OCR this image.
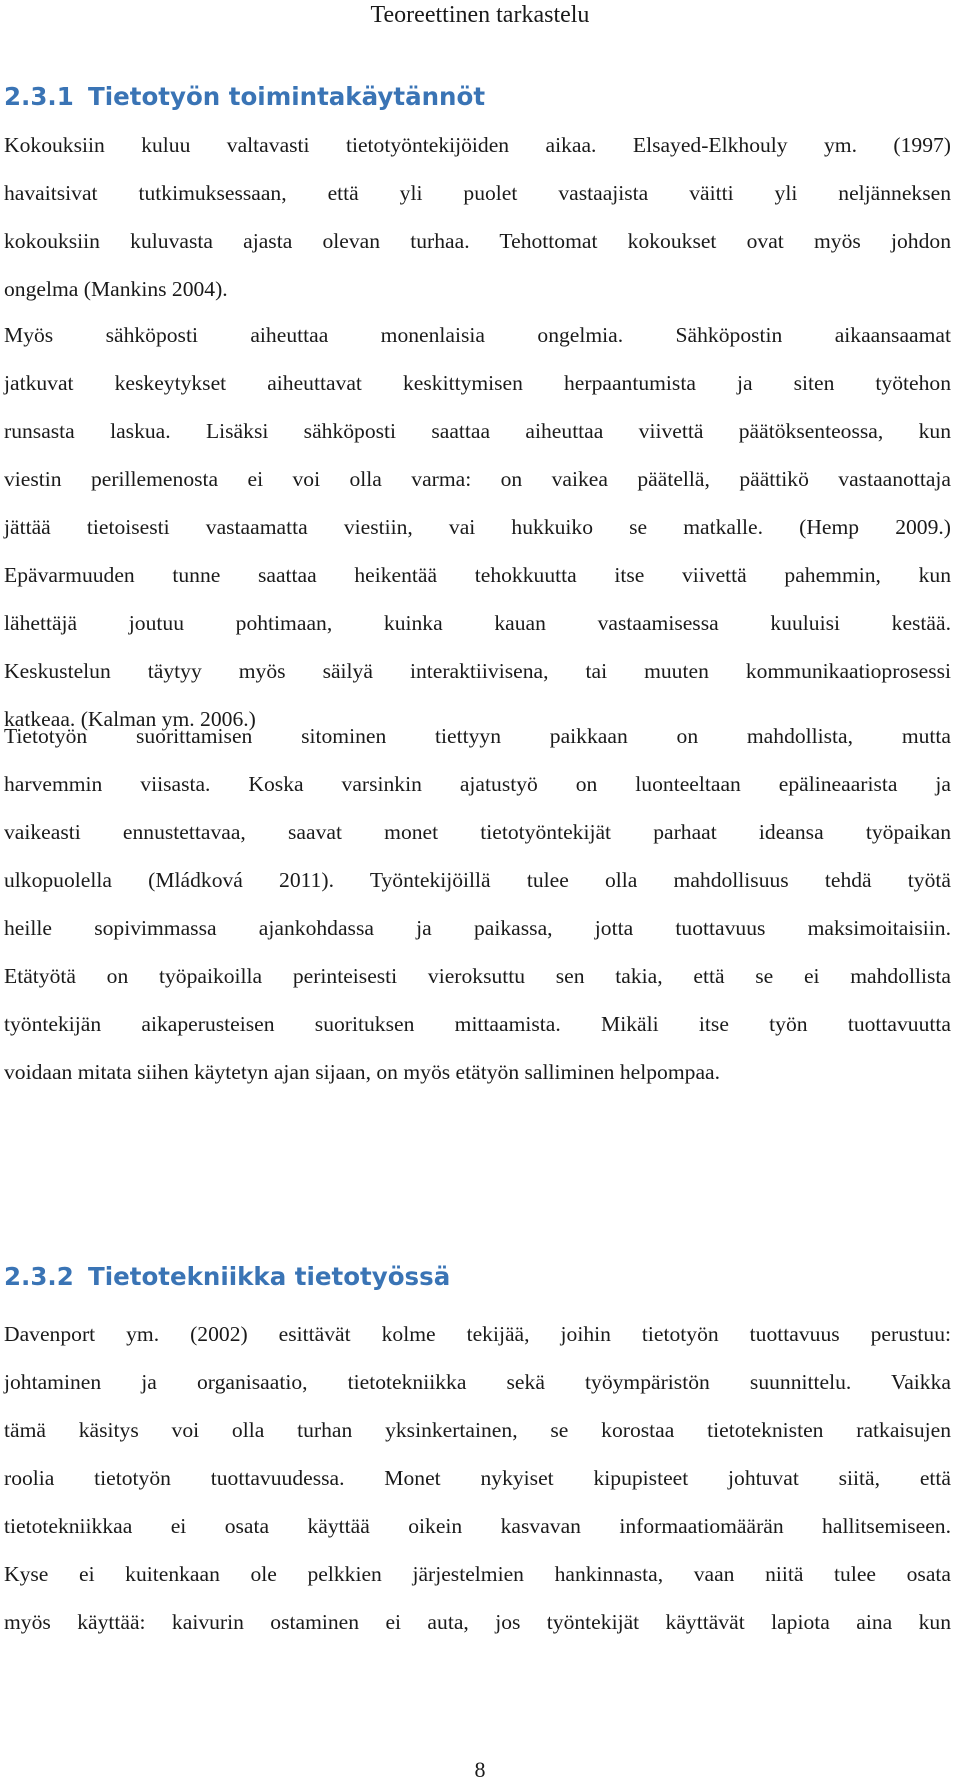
Teoreettinen tarkastelu
2.3.1 Tietotyön toimintakäytännöt
Kokouksiin kuluu valtavasti tietotyöntekijöiden aikaa. Elsayed-Elkhouly ym. (1997)
havaitsivat tutkimuksessaan, että yli puolet vastaajista väitti yli neljänneksen
kokouksiin kuluvasta ajasta olevan turhaa. Tehottomat kokoukset ovat myös johdon
ongelma (Mankins 2004).
Myös sähköposti aiheuttaa monenlaisia ongelmia. Sähköpostin aikaansaamat
jatkuvat keskeytykset aiheuttavat keskittymisen herpaantumista ja siten työtehon
runsasta laskua. Lisäksi sähköposti saattaa aiheuttaa viivettä päätöksenteossa, kun
viestin perillemenosta ei voi olla varma: on vaikea päätellä, päättikö vastaanottaja
jättää tietoisesti vastaamatta viestiin, vai hukkuiko se matkalle. (Hemp 2009.)
Epävarmuuden tunne saattaa heikentää tehokkuutta itse viivettä pahemmin, kun
lähettäjä joutuu pohtimaan, kuinka kauan vastaamisessa kuuluisi kestää.
Keskustelun täytyy myös säilyä interaktiivisena, tai muuten kommunikaatioprosessi
katkeaa. (Kalman ym. 2006.)
Tietotyön suorittamisen sitominen tiettyyn paikkaan on mahdollista, mutta
harvemmin viisasta. Koska varsinkin ajatustyö on luonteeltaan epälineaarista ja
vaikeasti ennustettavaa, saavat monet tietotyöntekijät parhaat ideansa työpaikan
ulkopuolella (Mládková 2011). Työntekijöillä tulee olla mahdollisuus tehdä työtä
heille sopivimmassa ajankohdassa ja paikassa, jotta tuottavuus maksimoitaisiin.
Etätyötä on työpaikoilla perinteisesti vieroksuttu sen takia, että se ei mahdollista
työntekijän aikaperusteisen suorituksen mittaamista. Mikäli itse työn tuottavuutta
voidaan mitata siihen käytetyn ajan sijaan, on myös etätyön salliminen helpompaa.
2.3.2 Tietotekniikka tietotyössä
Davenport ym. (2002) esittävät kolme tekijää, joihin tietotyön tuottavuus perustuu:
johtaminen ja organisaatio, tietotekniikka sekä työympäristön suunnittelu. Vaikka
tämä käsitys voi olla turhan yksinkertainen, se korostaa tietoteknisten ratkaisujen
roolia tietotyön tuottavuudessa. Monet nykyiset kipupisteet johtuvat siitä, että
tietotekniikkaa ei osata käyttää oikein kasvavan informaatiomäärän hallitsemiseen.
Kyse ei kuitenkaan ole pelkkien järjestelmien hankinnasta, vaan niitä tulee osata
myös käyttää: kaivurin ostaminen ei auta, jos työntekijät käyttävät lapiota aina kun
8
